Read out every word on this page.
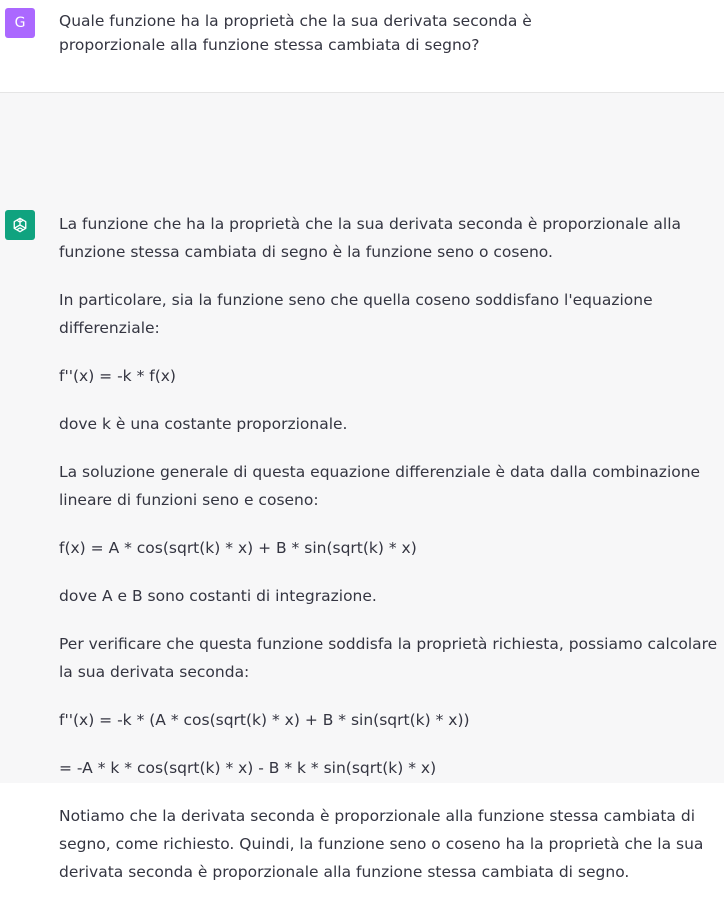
G Quale funzione ha la proprietà che la sua derivata seconda è proporzionale alla funzione stessa cambiata di segno?

La funzione che ha la proprietà che la sua derivata seconda è proporzionale alla funzione stessa cambiata di segno è la funzione seno o coseno.

In particolare, sia la funzione seno che quella coseno soddisfano l'equazione differenziale:

f''(x) = -k * f(x)

dove k è una costante proporzionale.

La soluzione generale di questa equazione differenziale è data dalla combinazione lineare di funzioni seno e coseno:

f(x) = A * cos(sqrt(k) * x) + B * sin(sqrt(k) * x)

dove A e B sono costanti di integrazione.

Per verificare che questa funzione soddisfa la proprietà richiesta, possiamo calcolare la sua derivata seconda:

f''(x) = -k * (A * cos(sqrt(k) * x) + B * sin(sqrt(k) * x))

= -A * k * cos(sqrt(k) * x) - B * k * sin(sqrt(k) * x)

Notiamo che la derivata seconda è proporzionale alla funzione stessa cambiata di segno, come richiesto. Quindi, la funzione seno o coseno ha la proprietà che la sua derivata seconda è proporzionale alla funzione stessa cambiata di segno.
